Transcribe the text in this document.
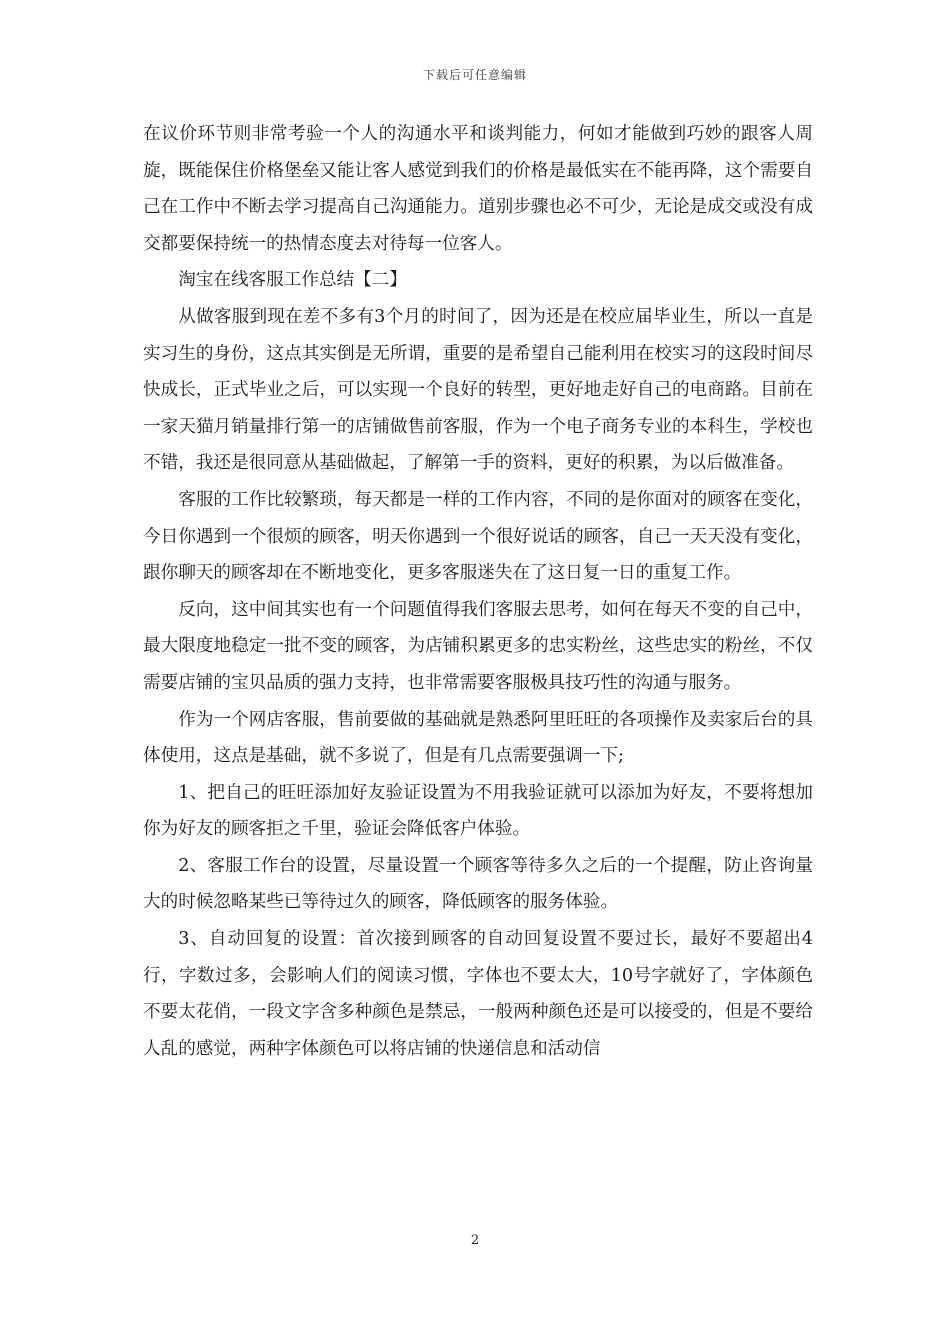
下载后可任意编辑

在议价环节则非常考验一个人的沟通水平和谈判能力，何如才能做到巧妙的跟客人周旋，既能保住价格堡垒又能让客人感觉到我们的价格是最低实在不能再降，这个需要自己在工作中不断去学习提高自己沟通能力。道别步骤也必不可少，无论是成交或没有成交都要保持统一的热情态度去对待每一位客人。

淘宝在线客服工作总结【二】

从做客服到现在差不多有3个月的时间了，因为还是在校应届毕业生，所以一直是实习生的身份，这点其实倒是无所谓，重要的是希望自己能利用在校实习的这段时间尽快成长，正式毕业之后，可以实现一个良好的转型，更好地走好自己的电商路。目前在一家天猫月销量排行第一的店铺做售前客服，作为一个电子商务专业的本科生，学校也不错，我还是很同意从基础做起，了解第一手的资料，更好的积累，为以后做准备。

客服的工作比较繁琐，每天都是一样的工作内容，不同的是你面对的顾客在变化，今日你遇到一个很烦的顾客，明天你遇到一个很好说话的顾客，自己一天天没有变化，跟你聊天的顾客却在不断地变化，更多客服迷失在了这日复一日的重复工作。

反向，这中间其实也有一个问题值得我们客服去思考，如何在每天不变的自己中，最大限度地稳定一批不变的顾客，为店铺积累更多的忠实粉丝，这些忠实的粉丝，不仅需要店铺的宝贝品质的强力支持，也非常需要客服极具技巧性的沟通与服务。

作为一个网店客服，售前要做的基础就是熟悉阿里旺旺的各项操作及卖家后台的具体使用，这点是基础，就不多说了，但是有几点需要强调一下;

1、把自己的旺旺添加好友验证设置为不用我验证就可以添加为好友，不要将想加你为好友的顾客拒之千里，验证会降低客户体验。

2、客服工作台的设置，尽量设置一个顾客等待多久之后的一个提醒，防止咨询量大的时候忽略某些已等待过久的顾客，降低顾客的服务体验。

3、自动回复的设置：首次接到顾客的自动回复设置不要过长，最好不要超出4行，字数过多，会影响人们的阅读习惯，字体也不要太大，10号字就好了，字体颜色不要太花俏，一段文字含多种颜色是禁忌，一般两种颜色还是可以接受的，但是不要给人乱的感觉，两种字体颜色可以将店铺的快递信息和活动信

2
